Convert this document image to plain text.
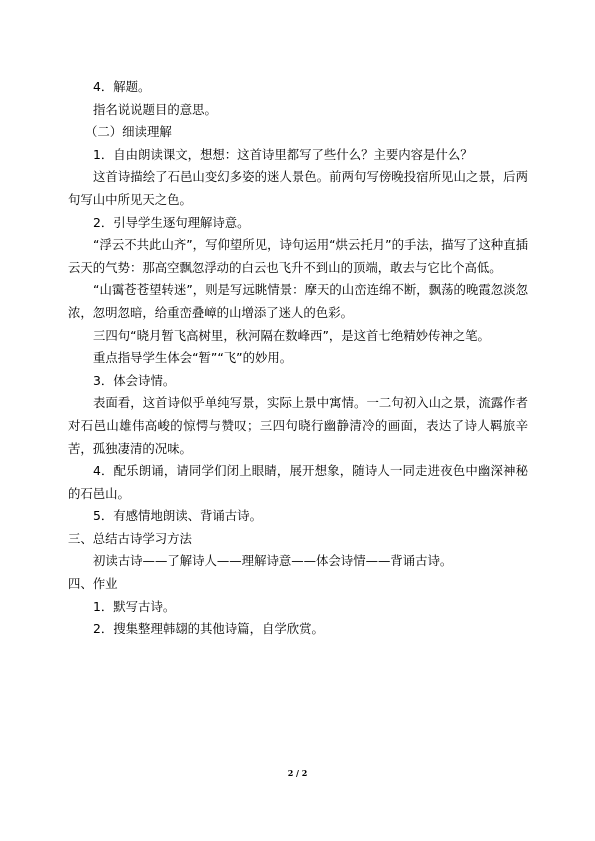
4．解题。

指名说说题目的意思。

（二）细读理解

1．自由朗读课文，想想：这首诗里都写了些什么？主要内容是什么？

这首诗描绘了石邑山变幻多姿的迷人景色。前两句写傍晚投宿所见山之景，后两句写山中所见天之色。

2．引导学生逐句理解诗意。

“浮云不共此山齐”，写仰望所见，诗句运用“烘云托月”的手法，描写了这种直插云天的气势：那高空飘忽浮动的白云也飞升不到山的顶端，敢去与它比个高低。

“山霭苍苍望转迷”，则是写远眺情景：摩天的山峦连绵不断，飘荡的晚霞忽淡忽浓，忽明忽暗，给重峦叠嶂的山增添了迷人的色彩。

三四句“晓月暂飞高树里，秋河隔在数峰西”，是这首七绝精妙传神之笔。

重点指导学生体会“暂”“飞”的妙用。

3．体会诗情。

表面看，这首诗似乎单纯写景，实际上景中寓情。一二句初入山之景，流露作者对石邑山雄伟高峻的惊愕与赞叹；三四句晓行幽静清冷的画面，表达了诗人羁旅辛苦，孤独凄清的况味。

4．配乐朗诵，请同学们闭上眼睛，展开想象，随诗人一同走进夜色中幽深神秘的石邑山。

5．有感情地朗读、背诵古诗。

三、总结古诗学习方法

初读古诗——了解诗人——理解诗意——体会诗情——背诵古诗。

四、作业

1．默写古诗。

2．搜集整理韩翃的其他诗篇，自学欣赏。

2 / 2
